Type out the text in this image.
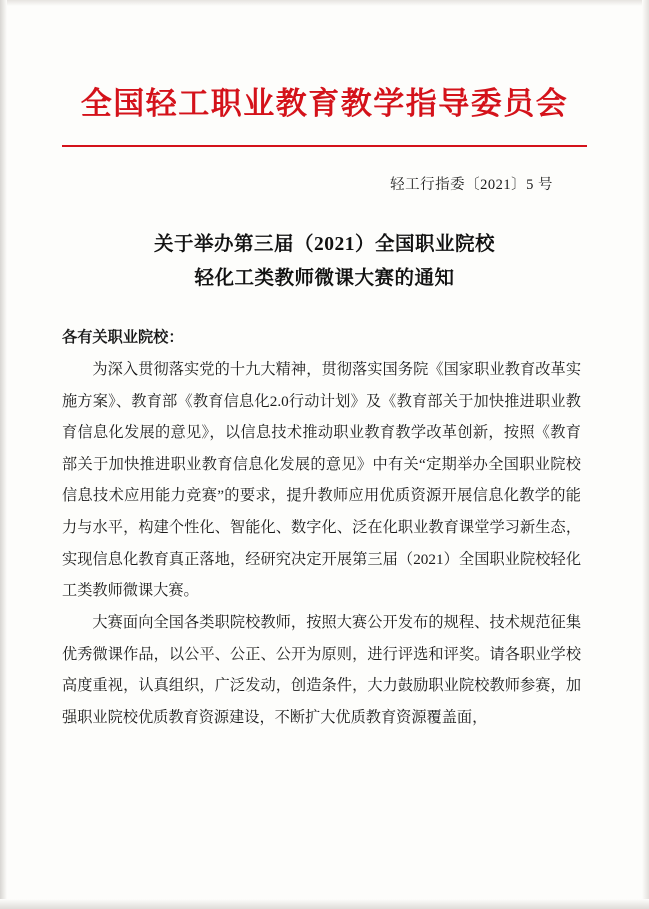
全国轻工职业教育教学指导委员会
轻工行指委〔2021〕5 号
关于举办第三届（2021）全国职业院校
轻化工类教师微课大赛的通知

各有关职业院校：

为深入贯彻落实党的十九大精神，贯彻落实国务院《国家职业教育改革实施方案》、教育部《教育信息化2.0行动计划》及《教育部关于加快推进职业教育信息化发展的意见》，以信息技术推动职业教育教学改革创新，按照《教育部关于加快推进职业教育信息化发展的意见》中有关“定期举办全国职业院校信息技术应用能力竞赛”的要求，提升教师应用优质资源开展信息化教学的能力与水平，构建个性化、智能化、数字化、泛在化职业教育课堂学习新生态，实现信息化教育真正落地，经研究决定开展第三届（2021）全国职业院校轻化工类教师微课大赛。

大赛面向全国各类职院校教师，按照大赛公开发布的规程、技术规范征集优秀微课作品，以公平、公正、公开为原则，进行评选和评奖。请各职业学校高度重视，认真组织，广泛发动，创造条件，大力鼓励职业院校教师参赛，加强职业院校优质教育资源建设，不断扩大优质教育资源覆盖面，
